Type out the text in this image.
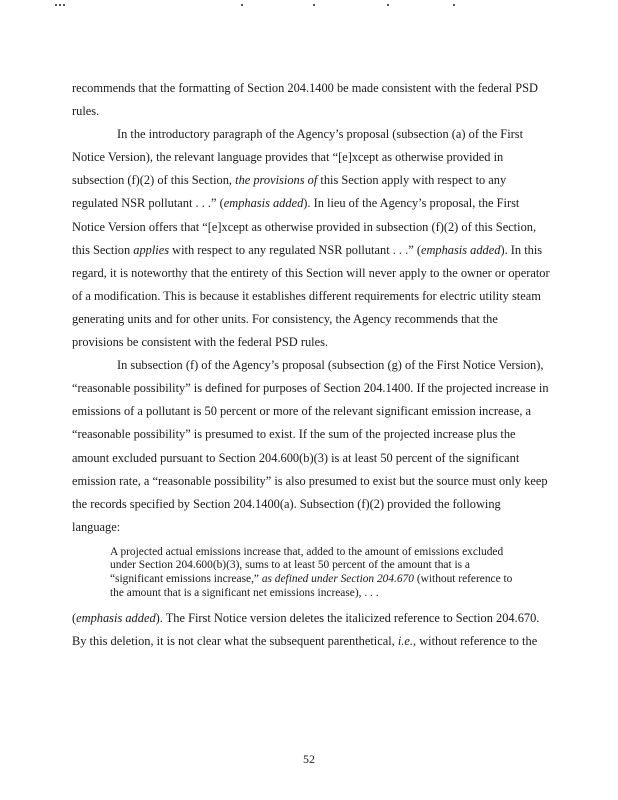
recommends that the formatting of Section 204.1400 be made consistent with the federal PSD rules.

In the introductory paragraph of the Agency’s proposal (subsection (a) of the First Notice Version), the relevant language provides that “[e]xcept as otherwise provided in subsection (f)(2) of this Section, the provisions of this Section apply with respect to any regulated NSR pollutant . . .” (emphasis added). In lieu of the Agency’s proposal, the First Notice Version offers that “[e]xcept as otherwise provided in subsection (f)(2) of this Section, this Section applies with respect to any regulated NSR pollutant . . .” (emphasis added). In this regard, it is noteworthy that the entirety of this Section will never apply to the owner or operator of a modification. This is because it establishes different requirements for electric utility steam generating units and for other units. For consistency, the Agency recommends that the provisions be consistent with the federal PSD rules.

In subsection (f) of the Agency’s proposal (subsection (g) of the First Notice Version), “reasonable possibility” is defined for purposes of Section 204.1400. If the projected increase in emissions of a pollutant is 50 percent or more of the relevant significant emission increase, a “reasonable possibility” is presumed to exist. If the sum of the projected increase plus the amount excluded pursuant to Section 204.600(b)(3) is at least 50 percent of the significant emission rate, a “reasonable possibility” is also presumed to exist but the source must only keep the records specified by Section 204.1400(a). Subsection (f)(2) provided the following language:

A projected actual emissions increase that, added to the amount of emissions excluded under Section 204.600(b)(3), sums to at least 50 percent of the amount that is a “significant emissions increase,” as defined under Section 204.670 (without reference to the amount that is a significant net emissions increase), . . .

(emphasis added). The First Notice version deletes the italicized reference to Section 204.670. By this deletion, it is not clear what the subsequent parenthetical, i.e., without reference to the

52
